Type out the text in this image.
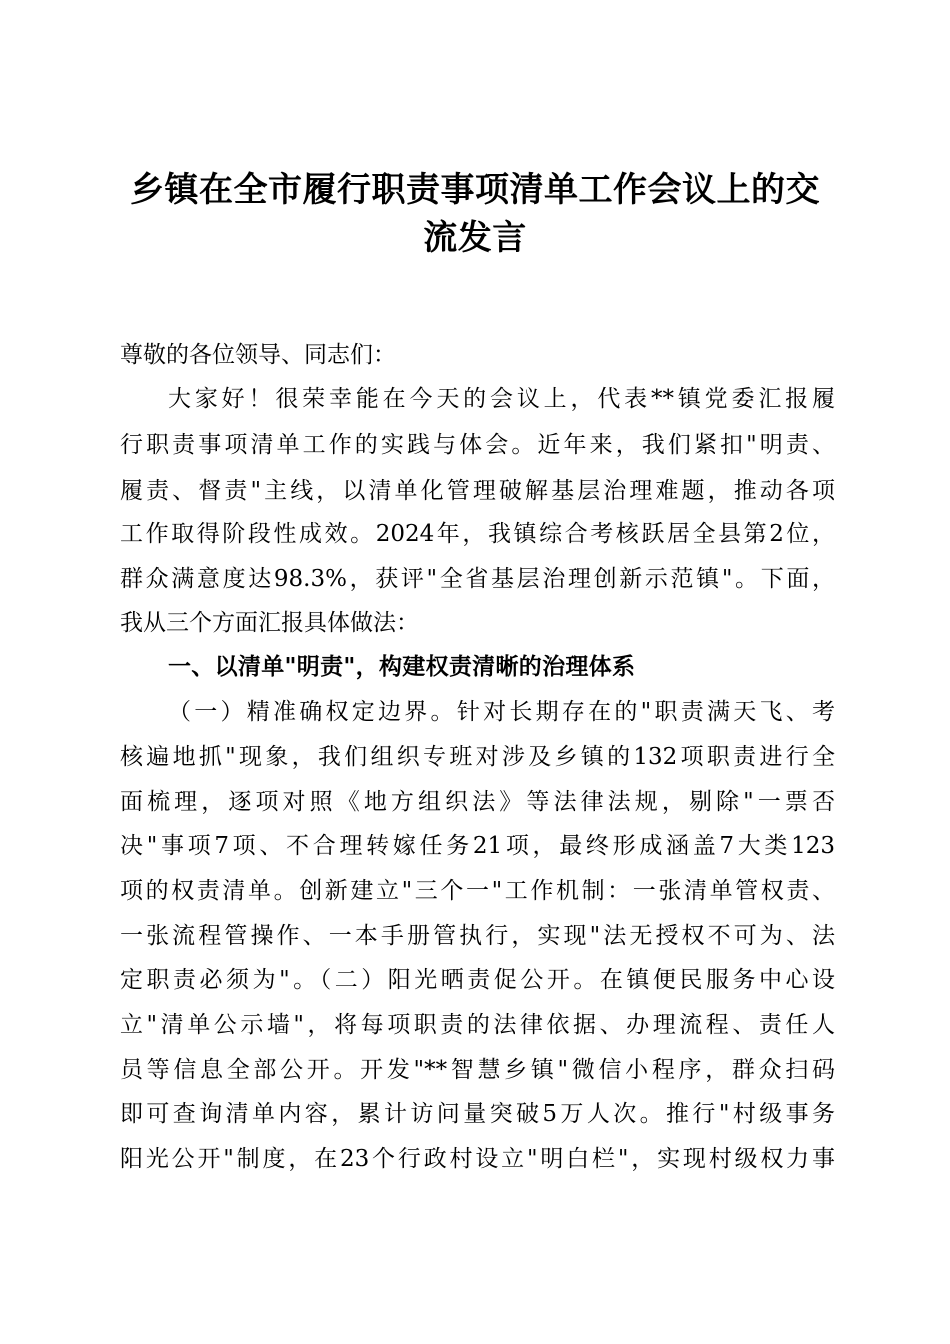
乡镇在全市履行职责事项清单工作会议上的交
流发言

尊敬的各位领导、同志们：

大家好！很荣幸能在今天的会议上，代表**镇党委汇报履

行职责事项清单工作的实践与体会。近年来，我们紧扣"明责、

履责、督责"主线，以清单化管理破解基层治理难题，推动各项

工作取得阶段性成效。2024年，我镇综合考核跃居全县第2位，

群众满意度达98.3%，获评"全省基层治理创新示范镇"。下面，

我从三个方面汇报具体做法：

一、以清单"明责"，构建权责清晰的治理体系

（一）精准确权定边界。针对长期存在的"职责满天飞、考

核遍地抓"现象，我们组织专班对涉及乡镇的132项职责进行全

面梳理，逐项对照《地方组织法》等法律法规，剔除"一票否

决"事项7项、不合理转嫁任务21项，最终形成涵盖7大类123

项的权责清单。创新建立"三个一"工作机制：一张清单管权责、

一张流程管操作、一本手册管执行，实现"法无授权不可为、法

定职责必须为"。（二）阳光晒责促公开。在镇便民服务中心设

立"清单公示墙"，将每项职责的法律依据、办理流程、责任人

员等信息全部公开。开发"**智慧乡镇"微信小程序，群众扫码

即可查询清单内容，累计访问量突破5万人次。推行"村级事务

阳光公开"制度，在23个行政村设立"明白栏"，实现村级权力事
